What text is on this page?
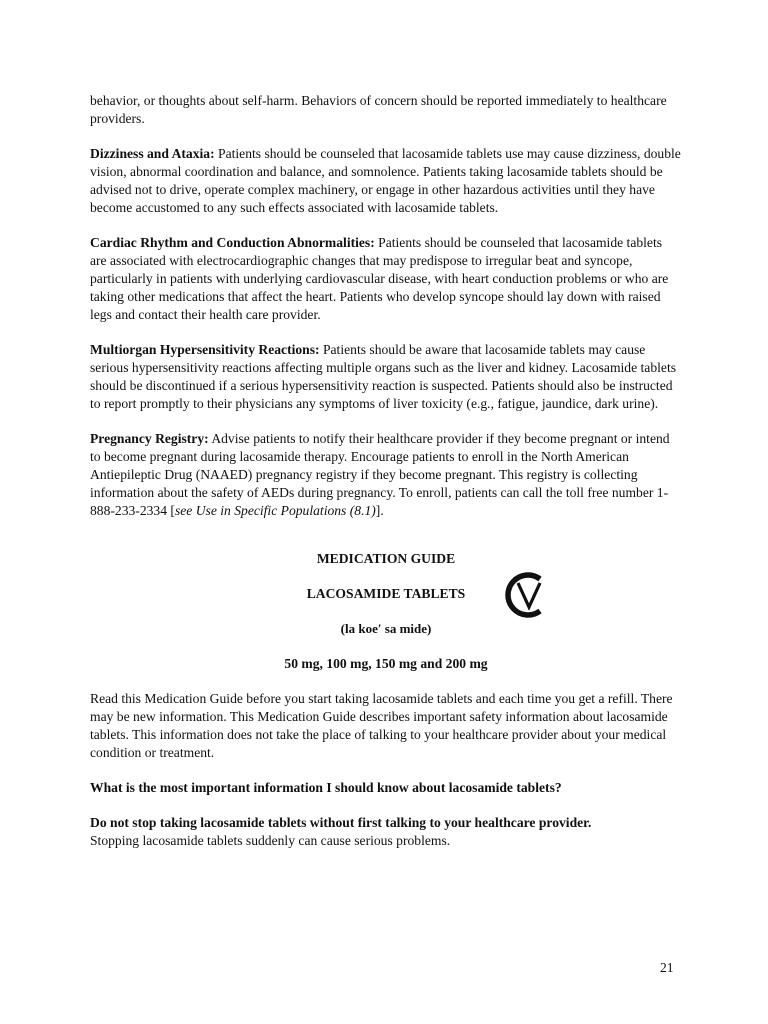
behavior, or thoughts about self-harm. Behaviors of concern should be reported immediately to healthcare providers.

Dizziness and Ataxia: Patients should be counseled that lacosamide tablets use may cause dizziness, double vision, abnormal coordination and balance, and somnolence. Patients taking lacosamide tablets should be advised not to drive, operate complex machinery, or engage in other hazardous activities until they have become accustomed to any such effects associated with lacosamide tablets.

Cardiac Rhythm and Conduction Abnormalities: Patients should be counseled that lacosamide tablets are associated with electrocardiographic changes that may predispose to irregular beat and syncope, particularly in patients with underlying cardiovascular disease, with heart conduction problems or who are taking other medications that affect the heart. Patients who develop syncope should lay down with raised legs and contact their health care provider.

Multiorgan Hypersensitivity Reactions: Patients should be aware that lacosamide tablets may cause serious hypersensitivity reactions affecting multiple organs such as the liver and kidney. Lacosamide tablets should be discontinued if a serious hypersensitivity reaction is suspected. Patients should also be instructed to report promptly to their physicians any symptoms of liver toxicity (e.g., fatigue, jaundice, dark urine).

Pregnancy Registry: Advise patients to notify their healthcare provider if they become pregnant or intend to become pregnant during lacosamide therapy. Encourage patients to enroll in the North American Antiepileptic Drug (NAAED) pregnancy registry if they become pregnant. This registry is collecting information about the safety of AEDs during pregnancy. To enroll, patients can call the toll free number 1-888-233-2334 [see Use in Specific Populations (8.1)].

MEDICATION GUIDE

LACOSAMIDE TABLETS

(la koe′ sa mide)

50 mg, 100 mg, 150 mg and 200 mg

Read this Medication Guide before you start taking lacosamide tablets and each time you get a refill. There may be new information. This Medication Guide describes important safety information about lacosamide tablets. This information does not take the place of talking to your healthcare provider about your medical condition or treatment.

What is the most important information I should know about lacosamide tablets?

Do not stop taking lacosamide tablets without first talking to your healthcare provider.
Stopping lacosamide tablets suddenly can cause serious problems.

21
